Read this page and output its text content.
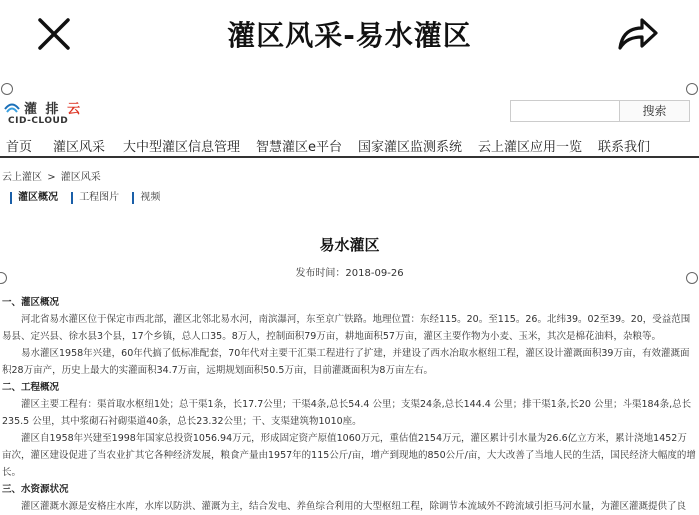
灌区风采-易水灌区
灌 排 云
CID-CLOUD
搜索
首页 灌区风采 大中型灌区信息管理 智慧灌区e平台 国家灌区监测系统 云上灌区应用一览 联系我们
云上灌区 > 灌区风采
灌区概况 工程图片 视频
易水灌区
发布时间：2018-09-26

一、灌区概况

河北省易水灌区位于保定市西北部，灌区北邻北易水河，南滨瀑河，东至京广铁路。地理位置：东经115。20。至115。26。北纬39。02至39。20，受益范围易县、定兴县、徐水县3个县，17个乡镇，总人口35。8万人，控制面积79万亩，耕地面积57万亩，灌区主要作物为小麦、玉米，其次是棉花油料，杂粮等。

易水灌区1958年兴建，60年代搞了低标准配套，70年代对主要干汇渠工程进行了扩建，并建设了西水冶取水枢纽工程，灌区设计灌溉面积39万亩，有效灌溉面积28万亩产，历史上最大的实灌面积34.7万亩，远期规划面积50.5万亩，目前灌溉面积为8万亩左右。

二、工程概况

灌区主要工程有：渠首取水枢纽1处；总干渠1条，长17.7公里；干渠4条,总长54.4 公里；支渠24条,总长144.4 公里；排干渠1条,长20 公里；斗渠184条,总长235.5 公里，其中浆砌石衬砌渠道40条，总长23.32公里；干、支渠建筑物1010座。

灌区自1958年兴建至1998年国家总投资1056.94万元，形成固定资产原值1060万元，重估值2154万元，灌区累计引水量为26.6亿立方米，累计浇地1452万亩次，灌区建设促进了当农业扩其它各种经济发展，粮食产量由1957年的115公斤/亩，增产到现地的850公斤/亩，大大改善了当地人民的生活，国民经济大幅度的增长。

三、水资源状况

灌区灌溉水源是安格庄水库，水库以防洪、灌溉为主，结合发电、养鱼综合利用的大型枢纽工程，除调节本流域外不跨流域引拒马河水量，为灌区灌溉提供了良
